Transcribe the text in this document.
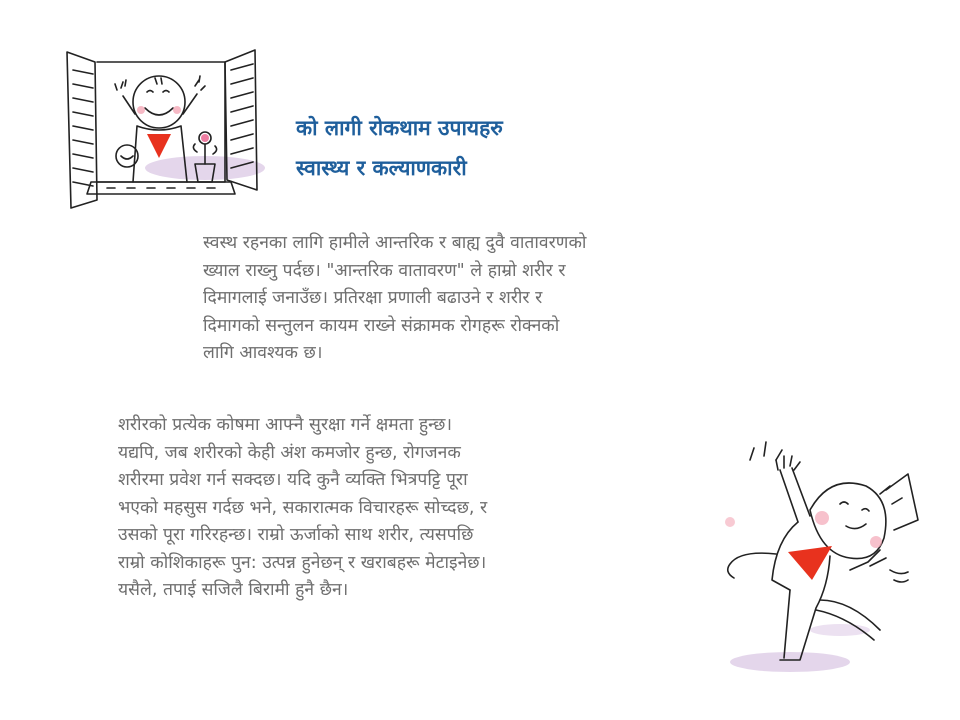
को लागी रोकथाम उपायहरु
स्वास्थ्य र कल्याणकारी

स्वस्थ रहनका लागि हामीले आन्तरिक र बाह्य दुवै वातावरणको
ख्याल राख्नु पर्दछ। "आन्तरिक वातावरण" ले हाम्रो शरीर र
दिमागलाई जनाउँछ। प्रतिरक्षा प्रणाली बढाउने र शरीर र
दिमागको सन्तुलन कायम राख्ने संक्रामक रोगहरू रोक्नको
लागि आवश्यक छ।

शरीरको प्रत्येक कोषमा आफ्नै सुरक्षा गर्ने क्षमता हुन्छ।
यद्यपि, जब शरीरको केही अंश कमजोर हुन्छ, रोगजनक
शरीरमा प्रवेश गर्न सक्दछ। यदि कुनै व्यक्ति भित्रपट्टि पूरा
भएको महसुस गर्दछ भने, सकारात्मक विचारहरू सोच्दछ, र
उसको पूरा गरिरहन्छ। राम्रो ऊर्जाको साथ शरीर, त्यसपछि
राम्रो कोशिकाहरू पुन: उत्पन्न हुनेछन् र खराबहरू मेटाइनेछ।
यसैले, तपाई सजिलै बिरामी हुनै छैन।
